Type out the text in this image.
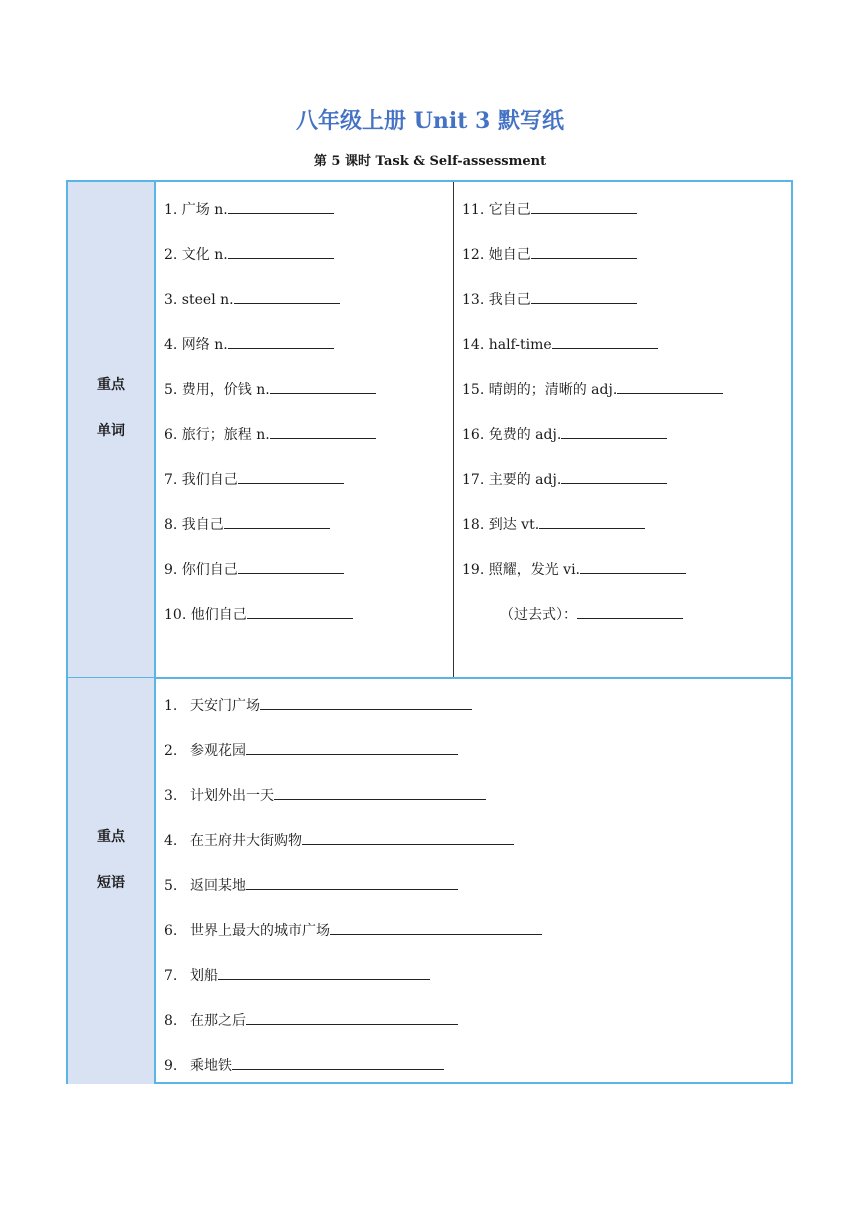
八年级上册 Unit 3 默写纸
第 5 课时 Task & Self-assessment
重点
单词
重点
短语
1. 广场 n.
2. 文化 n.
3. steel n.
4. 网络 n.
5. 费用，价钱 n.
6. 旅行；旅程 n.
7. 我们自己
8. 我自己
9. 你们自己
10. 他们自己
11. 它自己
12. 她自己
13. 我自己
14. half-time
15. 晴朗的；清晰的 adj.
16. 免费的 adj.
17. 主要的 adj.
18. 到达 vt.
19. 照耀，发光 vi.
（过去式）：
1. 天安门广场
2. 参观花园
3. 计划外出一天
4. 在王府井大街购物
5. 返回某地
6. 世界上最大的城市广场
7. 划船
8. 在那之后
9. 乘地铁
